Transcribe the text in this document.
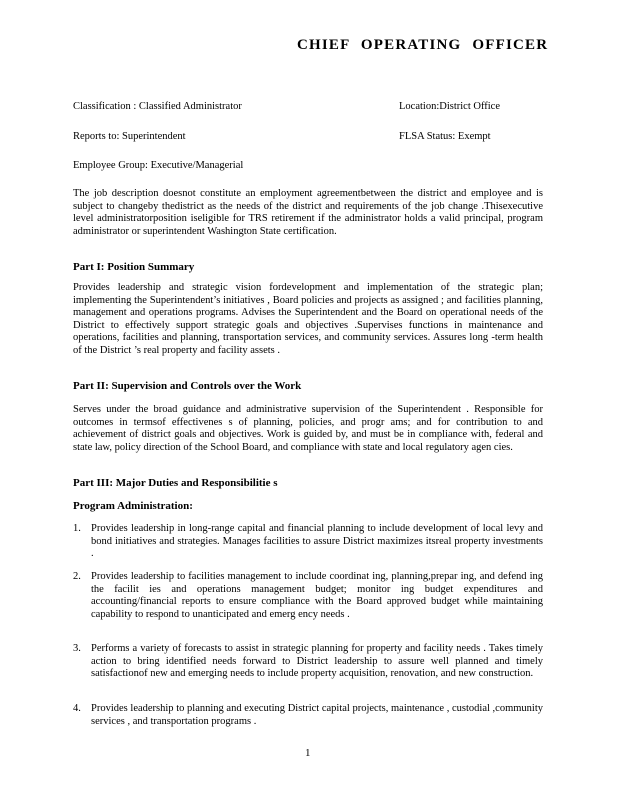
CHIEF OPERATING OFFICER
Classification : Classified Administrator	Location:District Office
Reports to: Superintendent	FLSA Status: Exempt
Employee Group: Executive/Managerial
The job description doesnot constitute an employment agreementbetween the district and employee and is subject to changeby thedistrict as the needs of the district and requirements of the job change .Thisexecutive level administratorposition iseligible for TRS retirement if the administrator holds a valid principal, program administrator or superintendent Washington State certification.
Part I: Position Summary
Provides leadership and strategic vision fordevelopment and implementation of the strategic plan; implementing the Superintendent’s initiatives , Board policies and projects as assigned ; and facilities planning, management and operations programs. Advises the Superintendent and the Board on operational needs of the District to effectively support strategic goals and objectives .Supervises functions in maintenance and operations, facilities and planning, transportation services, and community services. Assures long -term health of the District ’s real property and facility assets .
Part II: Supervision and Controls over the Work
Serves under the broad guidance and administrative supervision of the Superintendent . Responsible for outcomes in termsof effectivenes s of planning, policies, and progr ams; and for contribution to and achievement of district goals and objectives. Work is guided by, and must be in compliance with, federal and state law, policy direction of the School Board, and compliance with state and local regulatory agen cies.
Part III: Major Duties and Responsibilitie s
Program Administration:
1. Provides leadership in long-range capital and financial planning to include development of local levy and bond initiatives and strategies. Manages facilities to assure District maximizes itsreal property investments .
2. Provides leadership to facilities management to include coordinat ing, planning,prepar ing, and defend ing the facilit ies and operations management budget; monitor ing budget expenditures and accounting/financial reports to ensure compliance with the Board approved budget while maintaining capability to respond to unanticipated and emerg ency needs .
3. Performs a variety of forecasts to assist in strategic planning for property and facility needs . Takes timely action to bring identified needs forward to District leadership to assure well planned and timely satisfactionof new and emerging needs to include property acquisition, renovation, and new construction.
4. Provides leadership to planning and executing District capital projects, maintenance , custodial ,community services , and transportation programs .
1
